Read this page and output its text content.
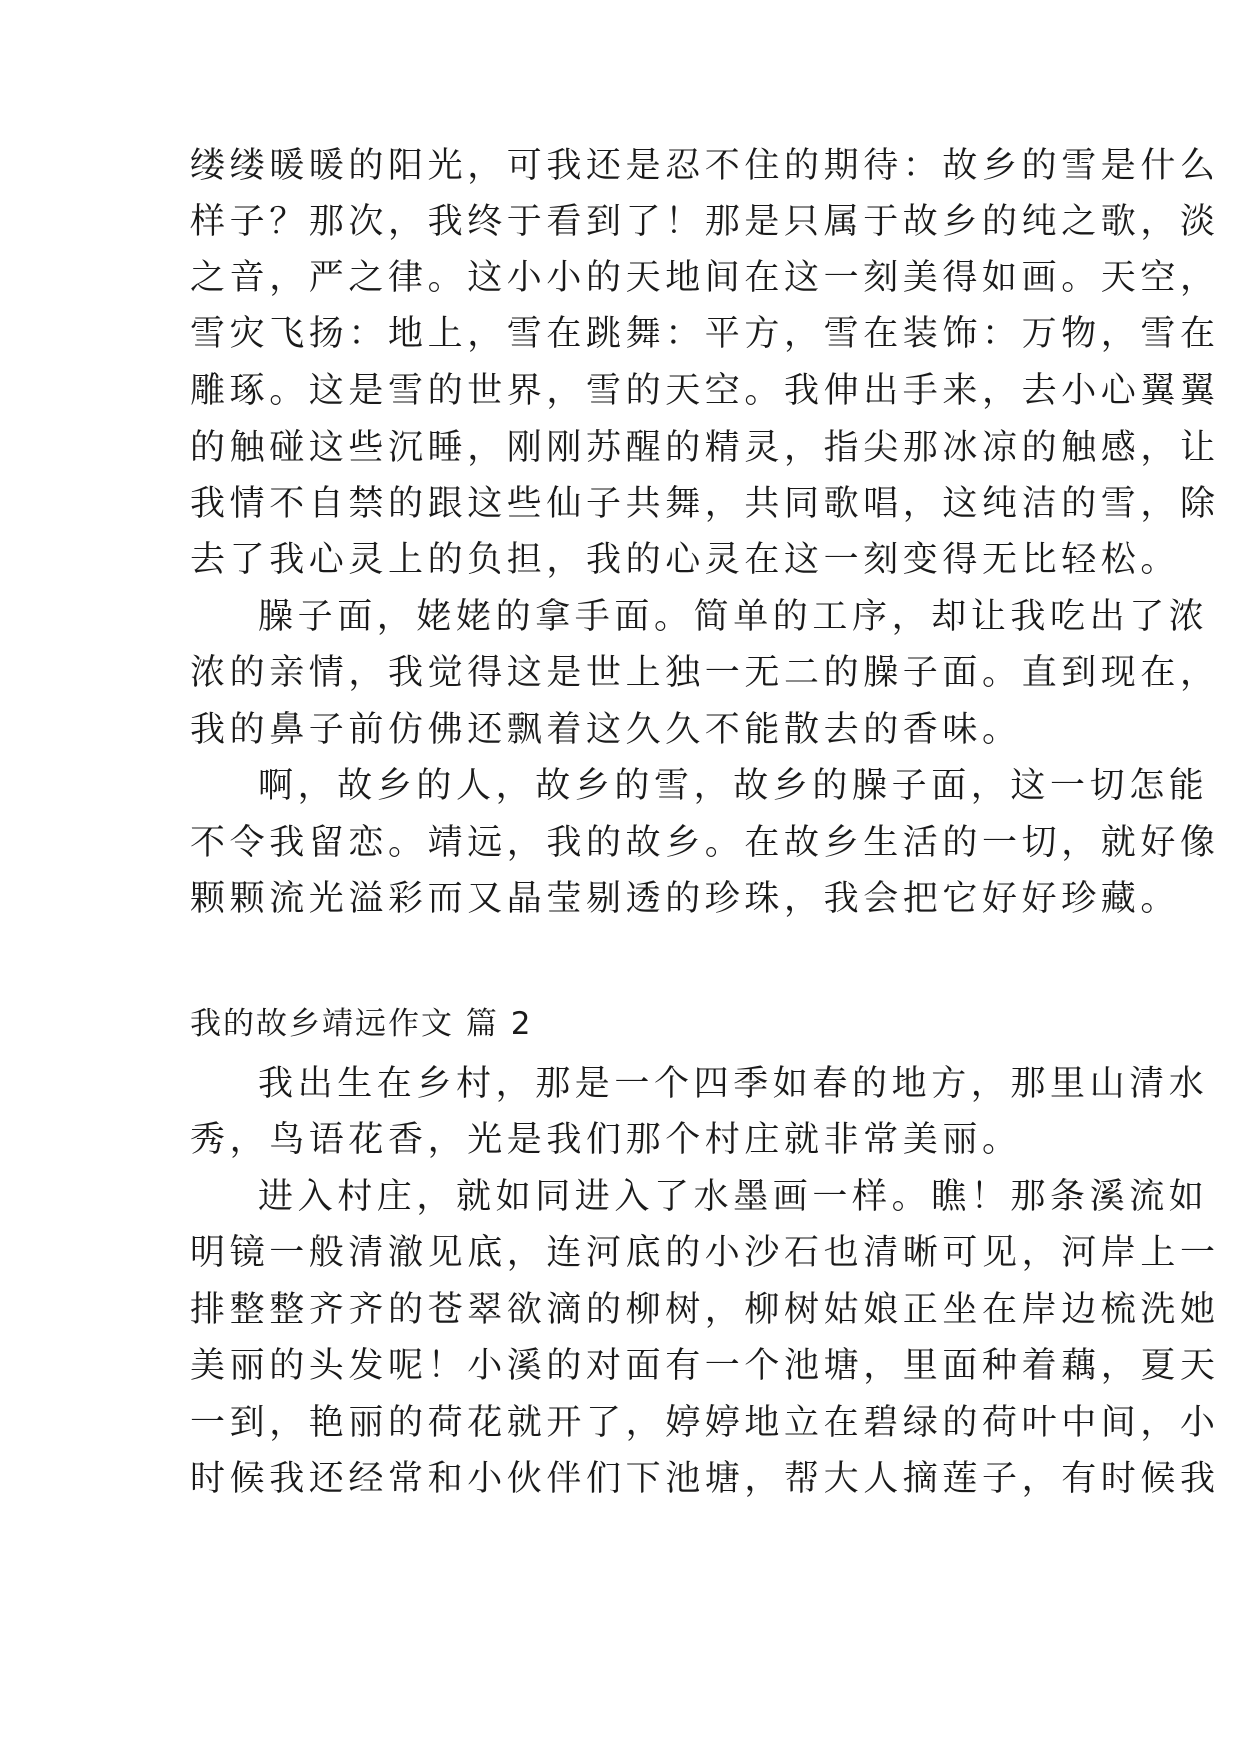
缕缕暖暖的阳光，可我还是忍不住的期待：故乡的雪是什么
样子？那次，我终于看到了！那是只属于故乡的纯之歌，淡
之音，严之律。这小小的天地间在这一刻美得如画。天空，
雪灾飞扬：地上，雪在跳舞：平方，雪在装饰：万物，雪在
雕琢。这是雪的世界，雪的天空。我伸出手来，去小心翼翼
的触碰这些沉睡，刚刚苏醒的精灵，指尖那冰凉的触感，让
我情不自禁的跟这些仙子共舞，共同歌唱，这纯洁的雪，除
去了我心灵上的负担，我的心灵在这一刻变得无比轻松。
臊子面，姥姥的拿手面。简单的工序，却让我吃出了浓
浓的亲情，我觉得这是世上独一无二的臊子面。直到现在，
我的鼻子前仿佛还飘着这久久不能散去的香味。
啊，故乡的人，故乡的雪，故乡的臊子面，这一切怎能
不令我留恋。靖远，我的故乡。在故乡生活的一切，就好像
颗颗流光溢彩而又晶莹剔透的珍珠，我会把它好好珍藏。
我的故乡靖远作文 篇 2
我出生在乡村，那是一个四季如春的地方，那里山清水
秀，鸟语花香，光是我们那个村庄就非常美丽。
进入村庄，就如同进入了水墨画一样。瞧！那条溪流如
明镜一般清澈见底，连河底的小沙石也清晰可见，河岸上一
排整整齐齐的苍翠欲滴的柳树，柳树姑娘正坐在岸边梳洗她
美丽的头发呢！小溪的对面有一个池塘，里面种着藕，夏天
一到，艳丽的荷花就开了，婷婷地立在碧绿的荷叶中间，小
时候我还经常和小伙伴们下池塘，帮大人摘莲子，有时候我
